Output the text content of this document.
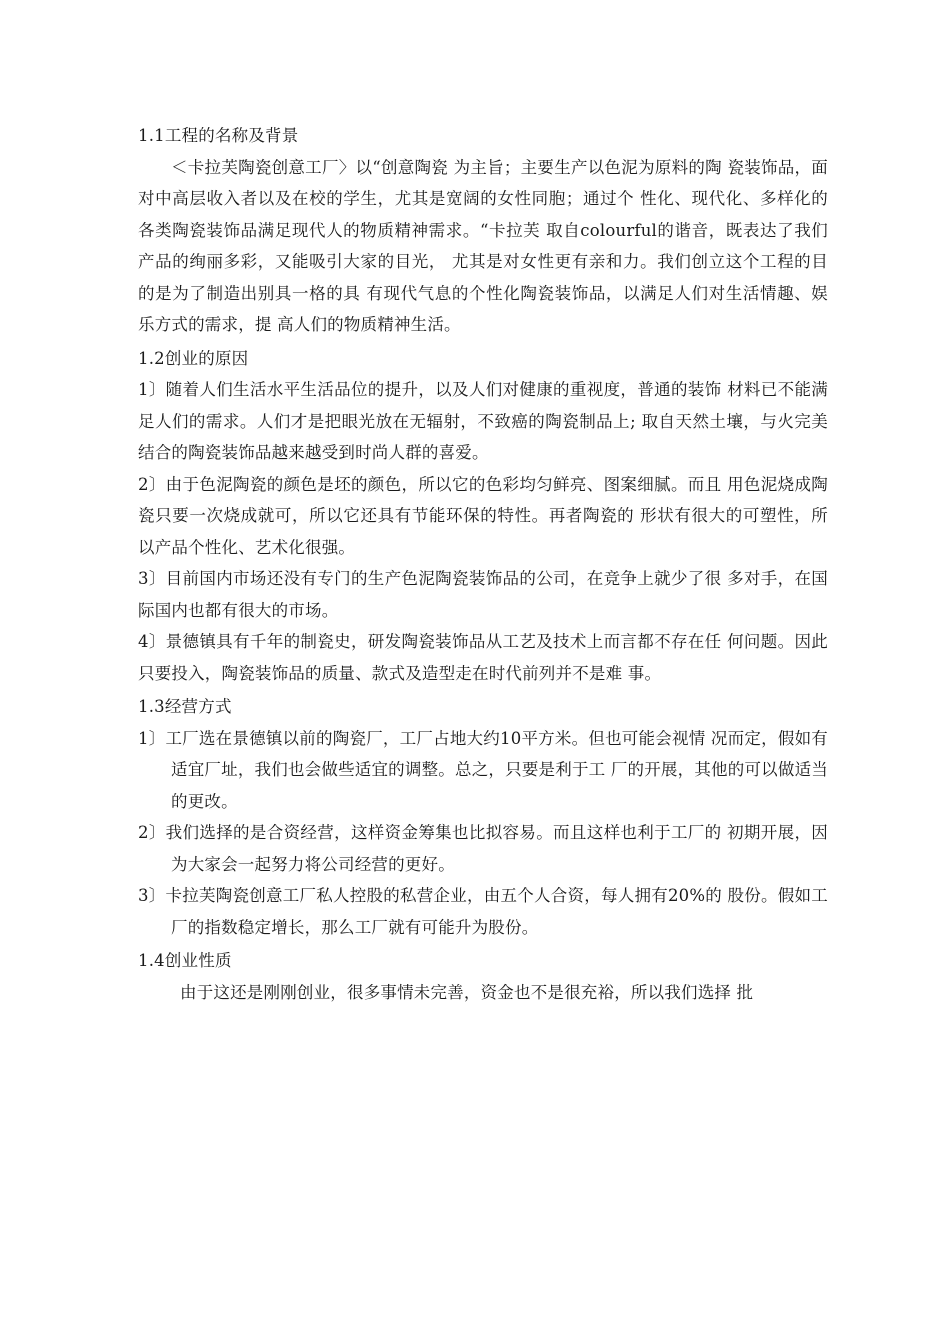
1.1工程的名称及背景

＜卡拉芙陶瓷创意工厂〉以“创意陶瓷 为主旨；主要生产以色泥为原料的陶 瓷装饰品，面对中高层收入者以及在校的学生，尤其是宽阔的女性同胞；通过个 性化、现代化、多样化的各类陶瓷装饰品满足现代人的物质精神需求。“卡拉芙 取自colourful的谐音，既表达了我们产品的绚丽多彩，又能吸引大家的目光， 尤其是对女性更有亲和力。我们创立这个工程的目的是为了制造出别具一格的具 有现代气息的个性化陶瓷装饰品，以满足人们对生活情趣、娱乐方式的需求，提 高人们的物质精神生活。

1.2创业的原因

1〕随着人们生活水平生活品位的提升，以及人们对健康的重视度，普通的装饰 材料已不能满足人们的需求。人们才是把眼光放在无辐射，不致癌的陶瓷制品上; 取自天然土壤，与火完美结合的陶瓷装饰品越来越受到时尚人群的喜爱。

2〕由于色泥陶瓷的颜色是坯的颜色，所以它的色彩均匀鲜亮、图案细腻。而且 用色泥烧成陶瓷只要一次烧成就可，所以它还具有节能环保的特性。再者陶瓷的 形状有很大的可塑性，所以产品个性化、艺术化很强。

3〕目前国内市场还没有专门的生产色泥陶瓷装饰品的公司，在竞争上就少了很 多对手，在国际国内也都有很大的市场。

4〕景德镇具有千年的制瓷史，研发陶瓷装饰品从工艺及技术上而言都不存在任 何问题。因此只要投入，陶瓷装饰品的质量、款式及造型走在时代前列并不是难 事。

1.3经营方式

1〕工厂选在景德镇以前的陶瓷厂，工厂占地大约10平方米。但也可能会视情 况而定，假如有适宜厂址，我们也会做些适宜的调整。总之，只要是利于工 厂的开展，其他的可以做适当的更改。

2〕我们选择的是合资经营，这样资金筹集也比拟容易。而且这样也利于工厂的 初期开展，因为大家会一起努力将公司经营的更好。

3〕卡拉芙陶瓷创意工厂私人控股的私营企业，由五个人合资，每人拥有20%的 股份。假如工厂的指数稳定增长，那么工厂就有可能升为股份。

1.4创业性质

由于这还是刚刚创业，很多事情未完善，资金也不是很充裕，所以我们选择 批
